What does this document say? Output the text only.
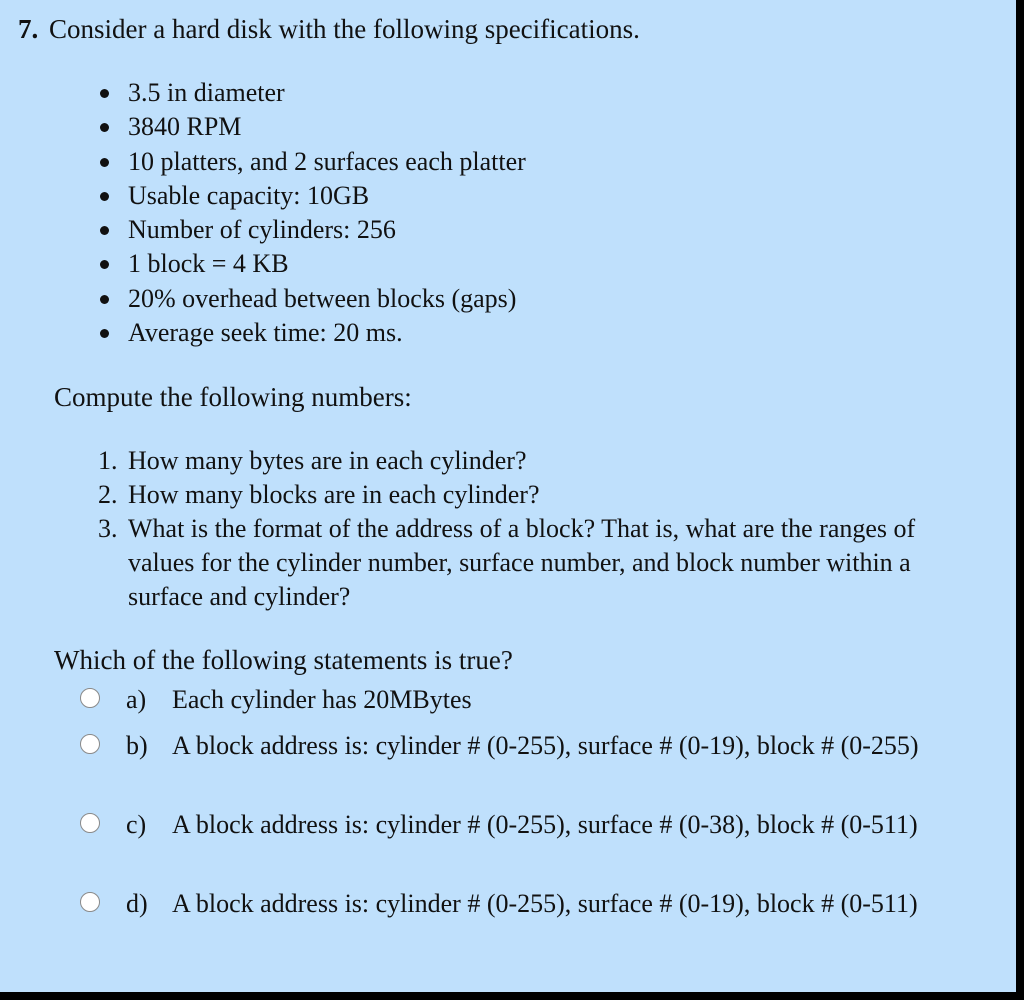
7. Consider a hard disk with the following specifications.
3.5 in diameter
3840 RPM
10 platters, and 2 surfaces each platter
Usable capacity: 10GB
Number of cylinders: 256
1 block = 4 KB
20% overhead between blocks (gaps)
Average seek time: 20 ms.
Compute the following numbers:
1. How many bytes are in each cylinder?
2. How many blocks are in each cylinder?
3. What is the format of the address of a block? That is, what are the ranges of values for the cylinder number, surface number, and block number within a surface and cylinder?
Which of the following statements is true?
a) Each cylinder has 20MBytes
b) A block address is: cylinder # (0-255), surface # (0-19), block # (0-255)
c) A block address is: cylinder # (0-255), surface # (0-38), block # (0-511)
d) A block address is: cylinder # (0-255), surface # (0-19), block # (0-511)
